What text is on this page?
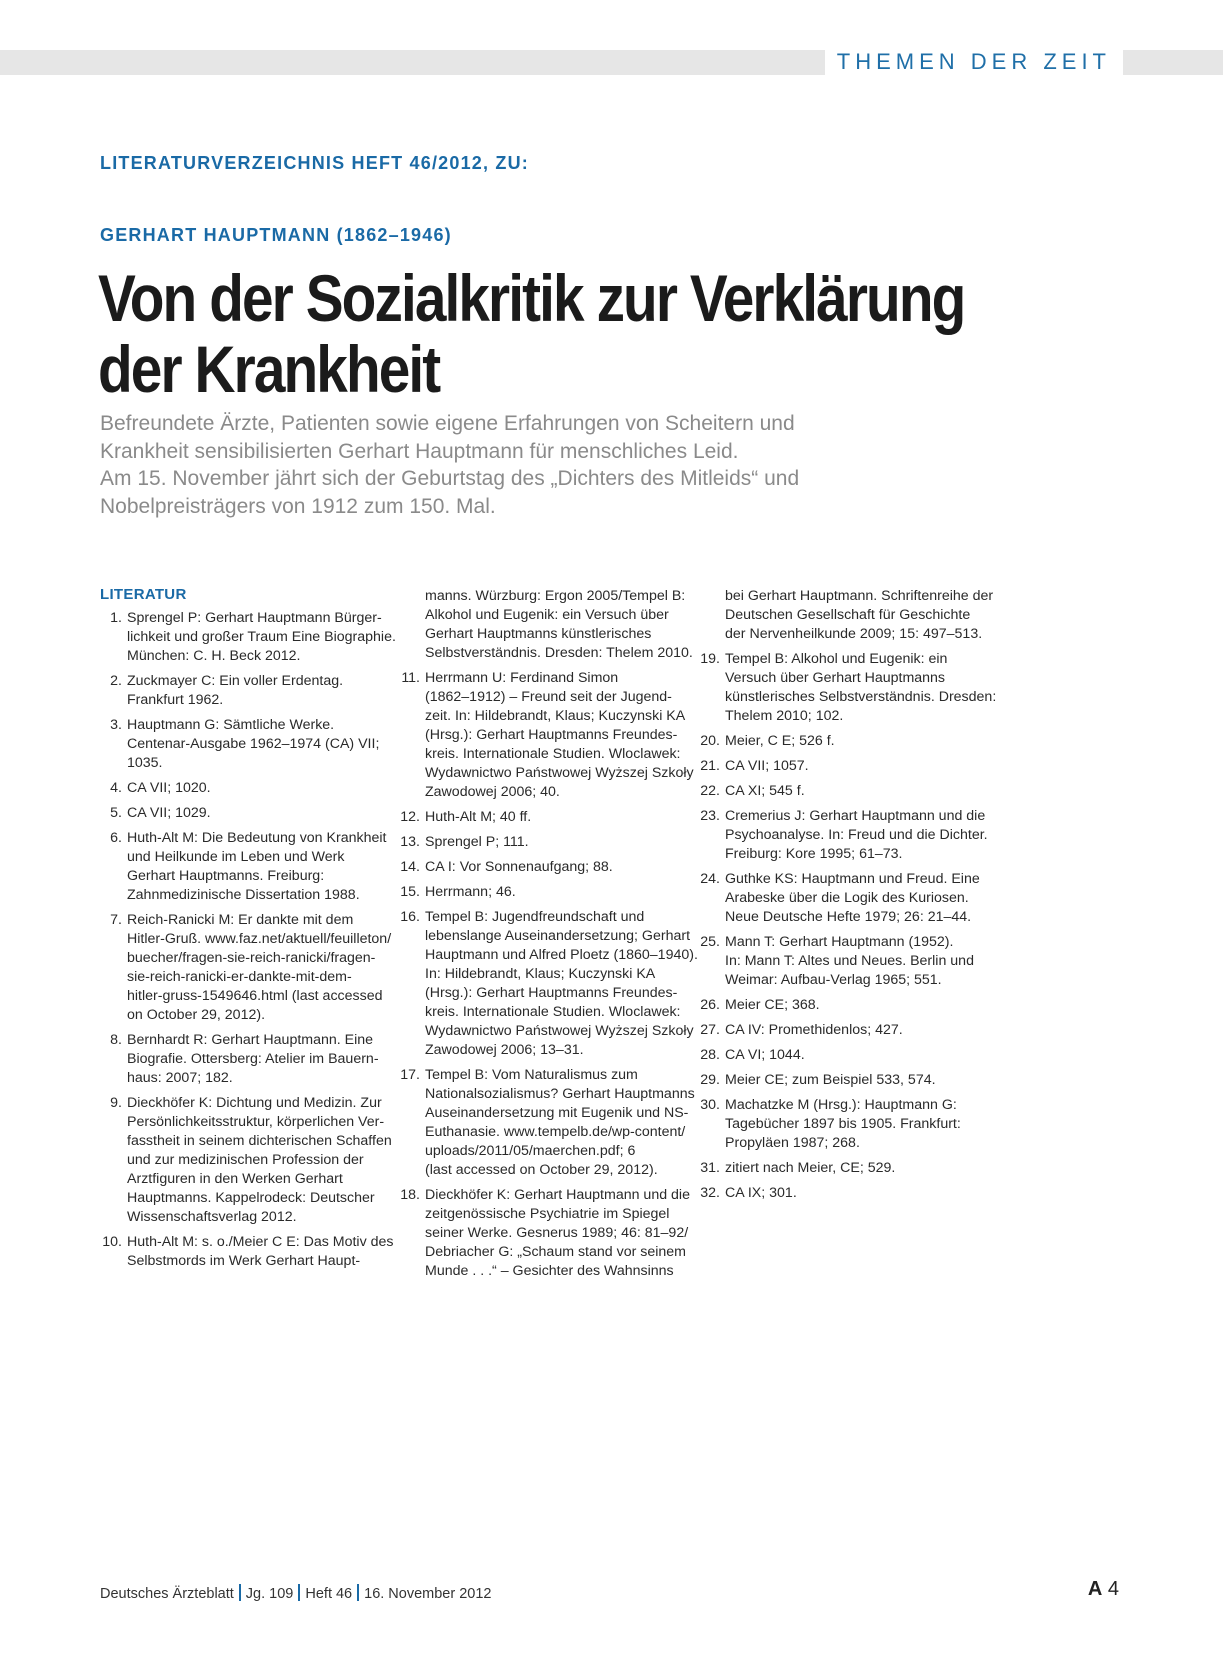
THEMEN DER ZEIT
LITERATURVERZEICHNIS HEFT 46/2012, ZU:
GERHART HAUPTMANN (1862–1946)
Von der Sozialkritik zur Verklärung
der Krankheit
Befreundete Ärzte, Patienten sowie eigene Erfahrungen von Scheitern und
Krankheit sensibilisierten Gerhart Hauptmann für menschliches Leid.
Am 15. November jährt sich der Geburtstag des „Dichters des Mitleids“ und
Nobelpreisträgers von 1912 zum 150. Mal.
LITERATUR
1. Sprengel P: Gerhart Hauptmann Bürger-
lichkeit und großer Traum Eine Biographie.
München: C. H. Beck 2012.
2. Zuckmayer C: Ein voller Erdentag.
Frankfurt 1962.
3. Hauptmann G: Sämtliche Werke.
Centenar-Ausgabe 1962–1974 (CA) VII;
1035.
4. CA VII; 1020.
5. CA VII; 1029.
6. Huth-Alt M: Die Bedeutung von Krankheit
und Heilkunde im Leben und Werk
Gerhart Hauptmanns. Freiburg:
Zahnmedizinische Dissertation 1988.
7. Reich-Ranicki M: Er dankte mit dem
Hitler-Gruß. www.faz.net/aktuell/feuilleton/
buecher/fragen-sie-reich-ranicki/fragen-
sie-reich-ranicki-er-dankte-mit-dem-
hitler-gruss-1549646.html (last accessed
on October 29, 2012).
8. Bernhardt R: Gerhart Hauptmann. Eine
Biografie. Ottersberg: Atelier im Bauern-
haus: 2007; 182.
9. Dieckhöfer K: Dichtung und Medizin. Zur
Persönlichkeitsstruktur, körperlichen Ver-
fasstheit in seinem dichterischen Schaffen
und zur medizinischen Profession der
Arztfiguren in den Werken Gerhart
Hauptmanns. Kappelrodeck: Deutscher
Wissenschaftsverlag 2012.
10. Huth-Alt M: s. o./Meier C E: Das Motiv des
Selbstmords im Werk Gerhart Haupt-
manns. Würzburg: Ergon 2005/Tempel B:
Alkohol und Eugenik: ein Versuch über
Gerhart Hauptmanns künstlerisches
Selbstverständnis. Dresden: Thelem 2010.
11. Herrmann U: Ferdinand Simon
(1862–1912) – Freund seit der Jugend-
zeit. In: Hildebrandt, Klaus; Kuczynski KA
(Hrsg.): Gerhart Hauptmanns Freundes-
kreis. Internationale Studien. Wloclawek:
Wydawnictwo Państwowej Wyższej Szkoły
Zawodowej 2006; 40.
12. Huth-Alt M; 40 ff.
13. Sprengel P; 111.
14. CA I: Vor Sonnenaufgang; 88.
15. Herrmann; 46.
16. Tempel B: Jugendfreundschaft und
lebenslange Auseinandersetzung; Gerhart
Hauptmann und Alfred Ploetz (1860–1940).
In: Hildebrandt, Klaus; Kuczynski KA
(Hrsg.): Gerhart Hauptmanns Freundes-
kreis. Internationale Studien. Wloclawek:
Wydawnictwo Państwowej Wyższej Szkoły
Zawodowej 2006; 13–31.
17. Tempel B: Vom Naturalismus zum
Nationalsozialismus? Gerhart Hauptmanns
Auseinandersetzung mit Eugenik und NS-
Euthanasie. www.tempelb.de/wp-content/
uploads/2011/05/maerchen.pdf; 6
(last accessed on October 29, 2012).
18. Dieckhöfer K: Gerhart Hauptmann und die
zeitgenössische Psychiatrie im Spiegel
seiner Werke. Gesnerus 1989; 46: 81–92/
Debriacher G: „Schaum stand vor seinem
Munde . . .“ – Gesichter des Wahnsinns
bei Gerhart Hauptmann. Schriftenreihe der
Deutschen Gesellschaft für Geschichte
der Nervenheilkunde 2009; 15: 497–513.
19. Tempel B: Alkohol und Eugenik: ein
Versuch über Gerhart Hauptmanns
künstlerisches Selbstverständnis. Dresden:
Thelem 2010; 102.
20. Meier, C E; 526 f.
21. CA VII; 1057.
22. CA XI; 545 f.
23. Cremerius J: Gerhart Hauptmann und die
Psychoanalyse. In: Freud und die Dichter.
Freiburg: Kore 1995; 61–73.
24. Guthke KS: Hauptmann und Freud. Eine
Arabeske über die Logik des Kuriosen.
Neue Deutsche Hefte 1979; 26: 21–44.
25. Mann T: Gerhart Hauptmann (1952).
In: Mann T: Altes und Neues. Berlin und
Weimar: Aufbau-Verlag 1965; 551.
26. Meier CE; 368.
27. CA IV: Promethidenlos; 427.
28. CA VI; 1044.
29. Meier CE; zum Beispiel 533, 574.
30. Machatzke M (Hrsg.): Hauptmann G:
Tagebücher 1897 bis 1905. Frankfurt:
Propyläen 1987; 268.
31. zitiert nach Meier, CE; 529.
32. CA IX; 301.
Deutsches Ärzteblatt Jg. 109 Heft 46 16. November 2012	A 4
